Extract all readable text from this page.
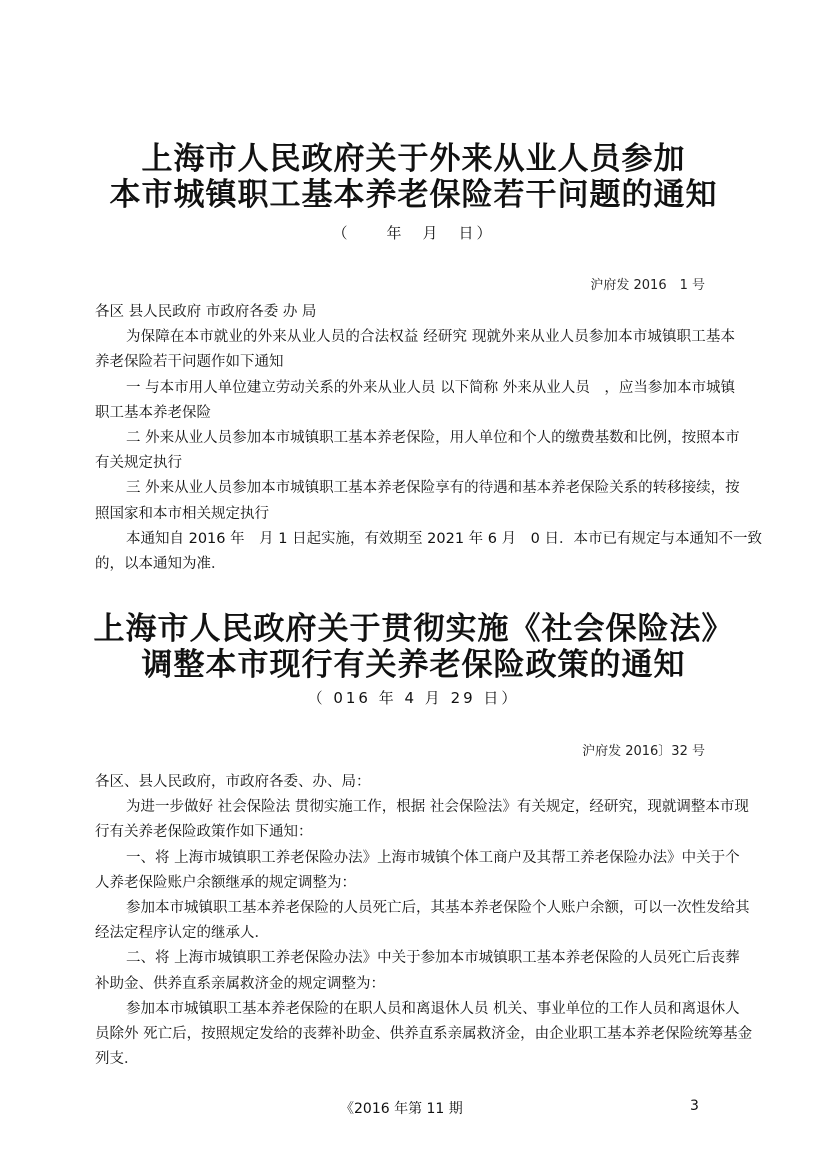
上海市人民政府关于外来从业人员参加
本市城镇职工基本养老保险若干问题的通知
（　　年　月　日）
沪府发 2016　1 号
各区 县人民政府 市政府各委 办 局
为保障在本市就业的外来从业人员的合法权益 经研究 现就外来从业人员参加本市城镇职工基本
养老保险若干问题作如下通知
一 与本市用人单位建立劳动关系的外来从业人员 以下简称 外来从业人员　，应当参加本市城镇
职工基本养老保险
二 外来从业人员参加本市城镇职工基本养老保险，用人单位和个人的缴费基数和比例，按照本市
有关规定执行
三 外来从业人员参加本市城镇职工基本养老保险享有的待遇和基本养老保险关系的转移接续，按
照国家和本市相关规定执行
本通知自 2016 年　月 1 日起实施，有效期至 2021 年 6 月　0 日．本市已有规定与本通知不一致
的，以本通知为准．
上海市人民政府关于贯彻实施《社会保险法》
调整本市现行有关养老保险政策的通知
（ 016 年 4 月 29 日）
沪府发 2016〕32 号
各区、县人民政府，市政府各委、办、局：
为进一步做好 社会保险法 贯彻实施工作，根据 社会保险法》有关规定，经研究，现就调整本市现
行有关养老保险政策作如下通知：
一、将 上海市城镇职工养老保险办法》上海市城镇个体工商户及其帮工养老保险办法》中关于个
人养老保险账户余额继承的规定调整为：
参加本市城镇职工基本养老保险的人员死亡后，其基本养老保险个人账户余额，可以一次性发给其
经法定程序认定的继承人．
二、将 上海市城镇职工养老保险办法》中关于参加本市城镇职工基本养老保险的人员死亡后丧葬
补助金、供养直系亲属救济金的规定调整为：
参加本市城镇职工基本养老保险的在职人员和离退休人员 机关、事业单位的工作人员和离退休人
员除外 死亡后，按照规定发给的丧葬补助金、供养直系亲属救济金，由企业职工基本养老保险统筹基金
列支．
《2016 年第 11 期	3
